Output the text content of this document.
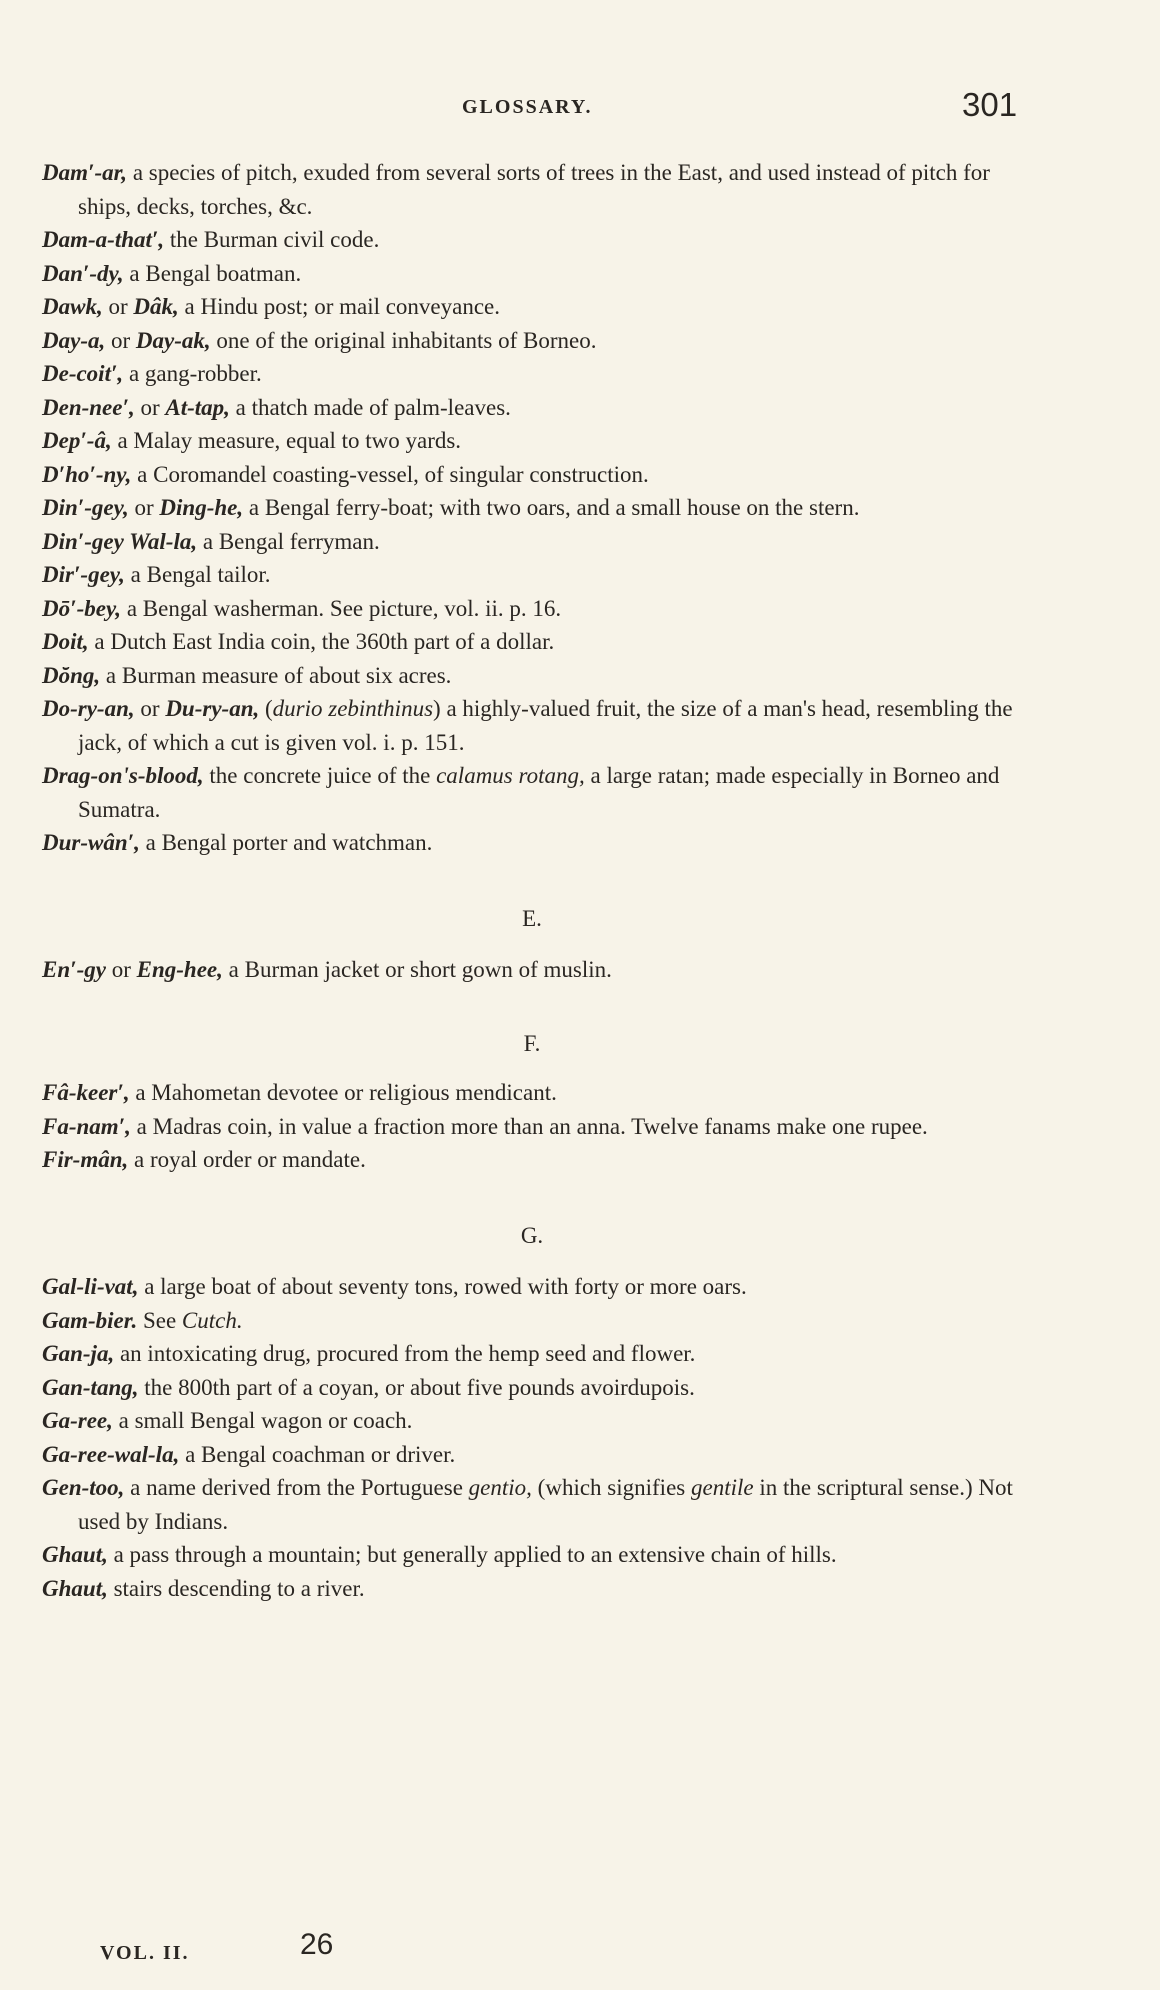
GLOSSARY.	301

Dam′-ar, a species of pitch, exuded from several sorts of trees in the East, and used instead of pitch for ships, decks, torches, &c.

Dam-a-that′, the Burman civil code.

Dan′-dy, a Bengal boatman.

Dawk, or Dâk, a Hindu post; or mail conveyance.

Day-a, or Day-ak, one of the original inhabitants of Borneo.

De-coit′, a gang-robber.

Den-nee′, or At-tap, a thatch made of palm-leaves.

Dep′-â, a Malay measure, equal to two yards.

D′ho′-ny, a Coromandel coasting-vessel, of singular construction.

Din′-gey, or Ding-he, a Bengal ferry-boat; with two oars, and a small house on the stern.

Din′-gey Wal-la, a Bengal ferryman.

Dir′-gey, a Bengal tailor.

Dō′-bey, a Bengal washerman. See picture, vol. ii. p. 16.

Doit, a Dutch East India coin, the 360th part of a dollar.

Dŏng, a Burman measure of about six acres.

Do-ry-an, or Du-ry-an, (durio zebinthinus) a highly-valued fruit, the size of a man's head, resembling the jack, of which a cut is given vol. i. p. 151.

Drag-on's-blood, the concrete juice of the calamus rotang, a large ratan; made especially in Borneo and Sumatra.

Dur-wân′, a Bengal porter and watchman.

E.

En′-gy or Eng-hee, a Burman jacket or short gown of muslin.

F.

Fâ-keer′, a Mahometan devotee or religious mendicant.

Fa-nam′, a Madras coin, in value a fraction more than an anna. Twelve fanams make one rupee.

Fir-mân, a royal order or mandate.

G.

Gal-li-vat, a large boat of about seventy tons, rowed with forty or more oars.

Gam-bier. See Cutch.

Gan-ja, an intoxicating drug, procured from the hemp seed and flower.

Gan-tang, the 800th part of a coyan, or about five pounds avoirdupois.

Ga-ree, a small Bengal wagon or coach.

Ga-ree-wal-la, a Bengal coachman or driver.

Gen-too, a name derived from the Portuguese gentio, (which signifies gentile in the scriptural sense.) Not used by Indians.

Ghaut, a pass through a mountain; but generally applied to an extensive chain of hills.

Ghaut, stairs descending to a river.

VOL. II.	26
